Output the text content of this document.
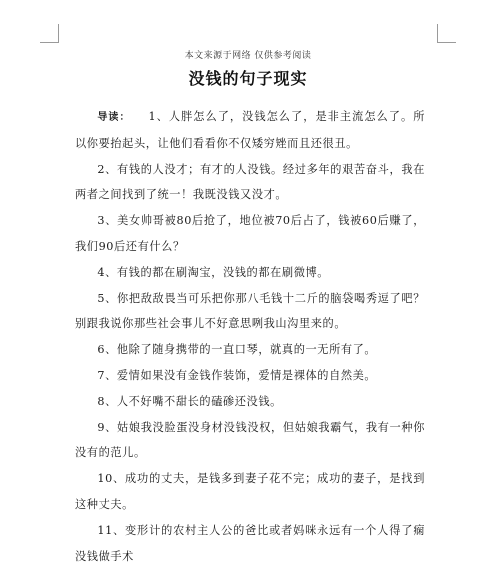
本文来源于网络 仅供参考阅读
没钱的句子现实

导读： 1、人胖怎么了，没钱怎么了，是非主流怎么了。所以你要抬起头，让他们看看你不仅矮穷矬而且还很丑。

2、有钱的人没才；有才的人没钱。经过多年的艰苦奋斗，我在两者之间找到了统一！我既没钱又没才。

3、美女帅哥被80后抢了，地位被70后占了，钱被60后赚了，我们90后还有什么？

4、有钱的都在刷淘宝，没钱的都在刷微博。

5、你把敌敌畏当可乐把你那八毛钱十二斤的脑袋喝秀逗了吧？别跟我说你那些社会事儿不好意思咧我山沟里来的。

6、他除了随身携带的一直口琴，就真的一无所有了。

7、爱情如果没有金钱作装饰，爱情是裸体的自然美。

8、人不好嘴不甜长的磕碜还没钱。

9、姑娘我没脸蛋没身材没钱没权，但姑娘我霸气，我有一种你没有的范儿。

10、成功的丈夫，是钱多到妻子花不完；成功的妻子，是找到这种丈夫。

11、变形计的农村主人公的爸比或者妈咪永远有一个人得了痫没钱做手术
